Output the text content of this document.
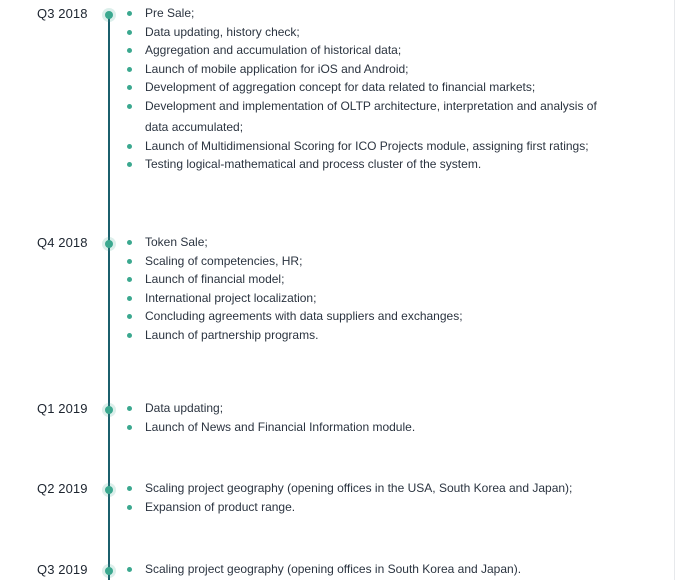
Q3 2018	Pre Sale;
Data updating, history check;
Aggregation and accumulation of historical data;
Launch of mobile application for iOS and Android;
Development of aggregation concept for data related to financial markets;
Development and implementation of OLTP architecture, interpretation and analysis of data accumulated;
Launch of Multidimensional Scoring for ICO Projects module, assigning first ratings;
Testing logical-mathematical and process cluster of the system.
Q4 2018	Token Sale;
Scaling of competencies, HR;
Launch of financial model;
International project localization;
Concluding agreements with data suppliers and exchanges;
Launch of partnership programs.
Q1 2019	Data updating;
Launch of News and Financial Information module.
Q2 2019	Scaling project geography (opening offices in the USA, South Korea and Japan);
Expansion of product range.
Q3 2019	Scaling project geography (opening offices in South Korea and Japan).
